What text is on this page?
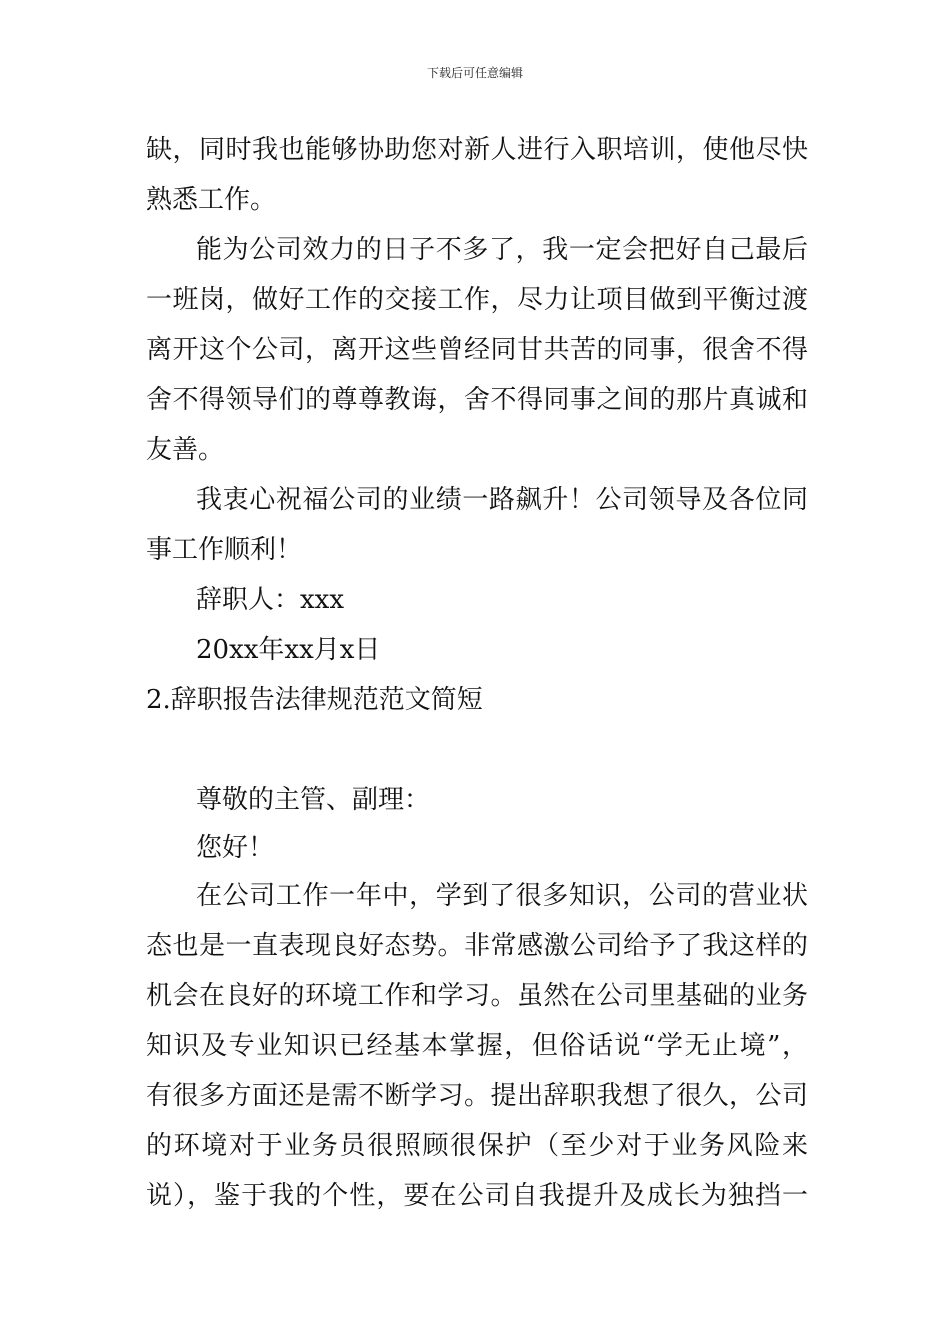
下载后可任意编辑
缺，同时我也能够协助您对新人进行入职培训，使他尽快
熟悉工作。
能为公司效力的日子不多了，我一定会把好自己最后
一班岗，做好工作的交接工作，尽力让项目做到平衡过渡
离开这个公司，离开这些曾经同甘共苦的同事，很舍不得
舍不得领导们的尊尊教诲，舍不得同事之间的那片真诚和
友善。
我衷心祝福公司的业绩一路飙升！公司领导及各位同
事工作顺利！
辞职人：xxx
20xx年xx月x日
2.辞职报告法律规范范文简短
尊敬的主管、副理：
您好！
在公司工作一年中，学到了很多知识，公司的营业状
态也是一直表现良好态势。非常感激公司给予了我这样的
机会在良好的环境工作和学习。虽然在公司里基础的业务
知识及专业知识已经基本掌握，但俗话说“学无止境”，
有很多方面还是需不断学习。提出辞职我想了很久，公司
的环境对于业务员很照顾很保护（至少对于业务风险来
说），鉴于我的个性，要在公司自我提升及成长为独挡一
